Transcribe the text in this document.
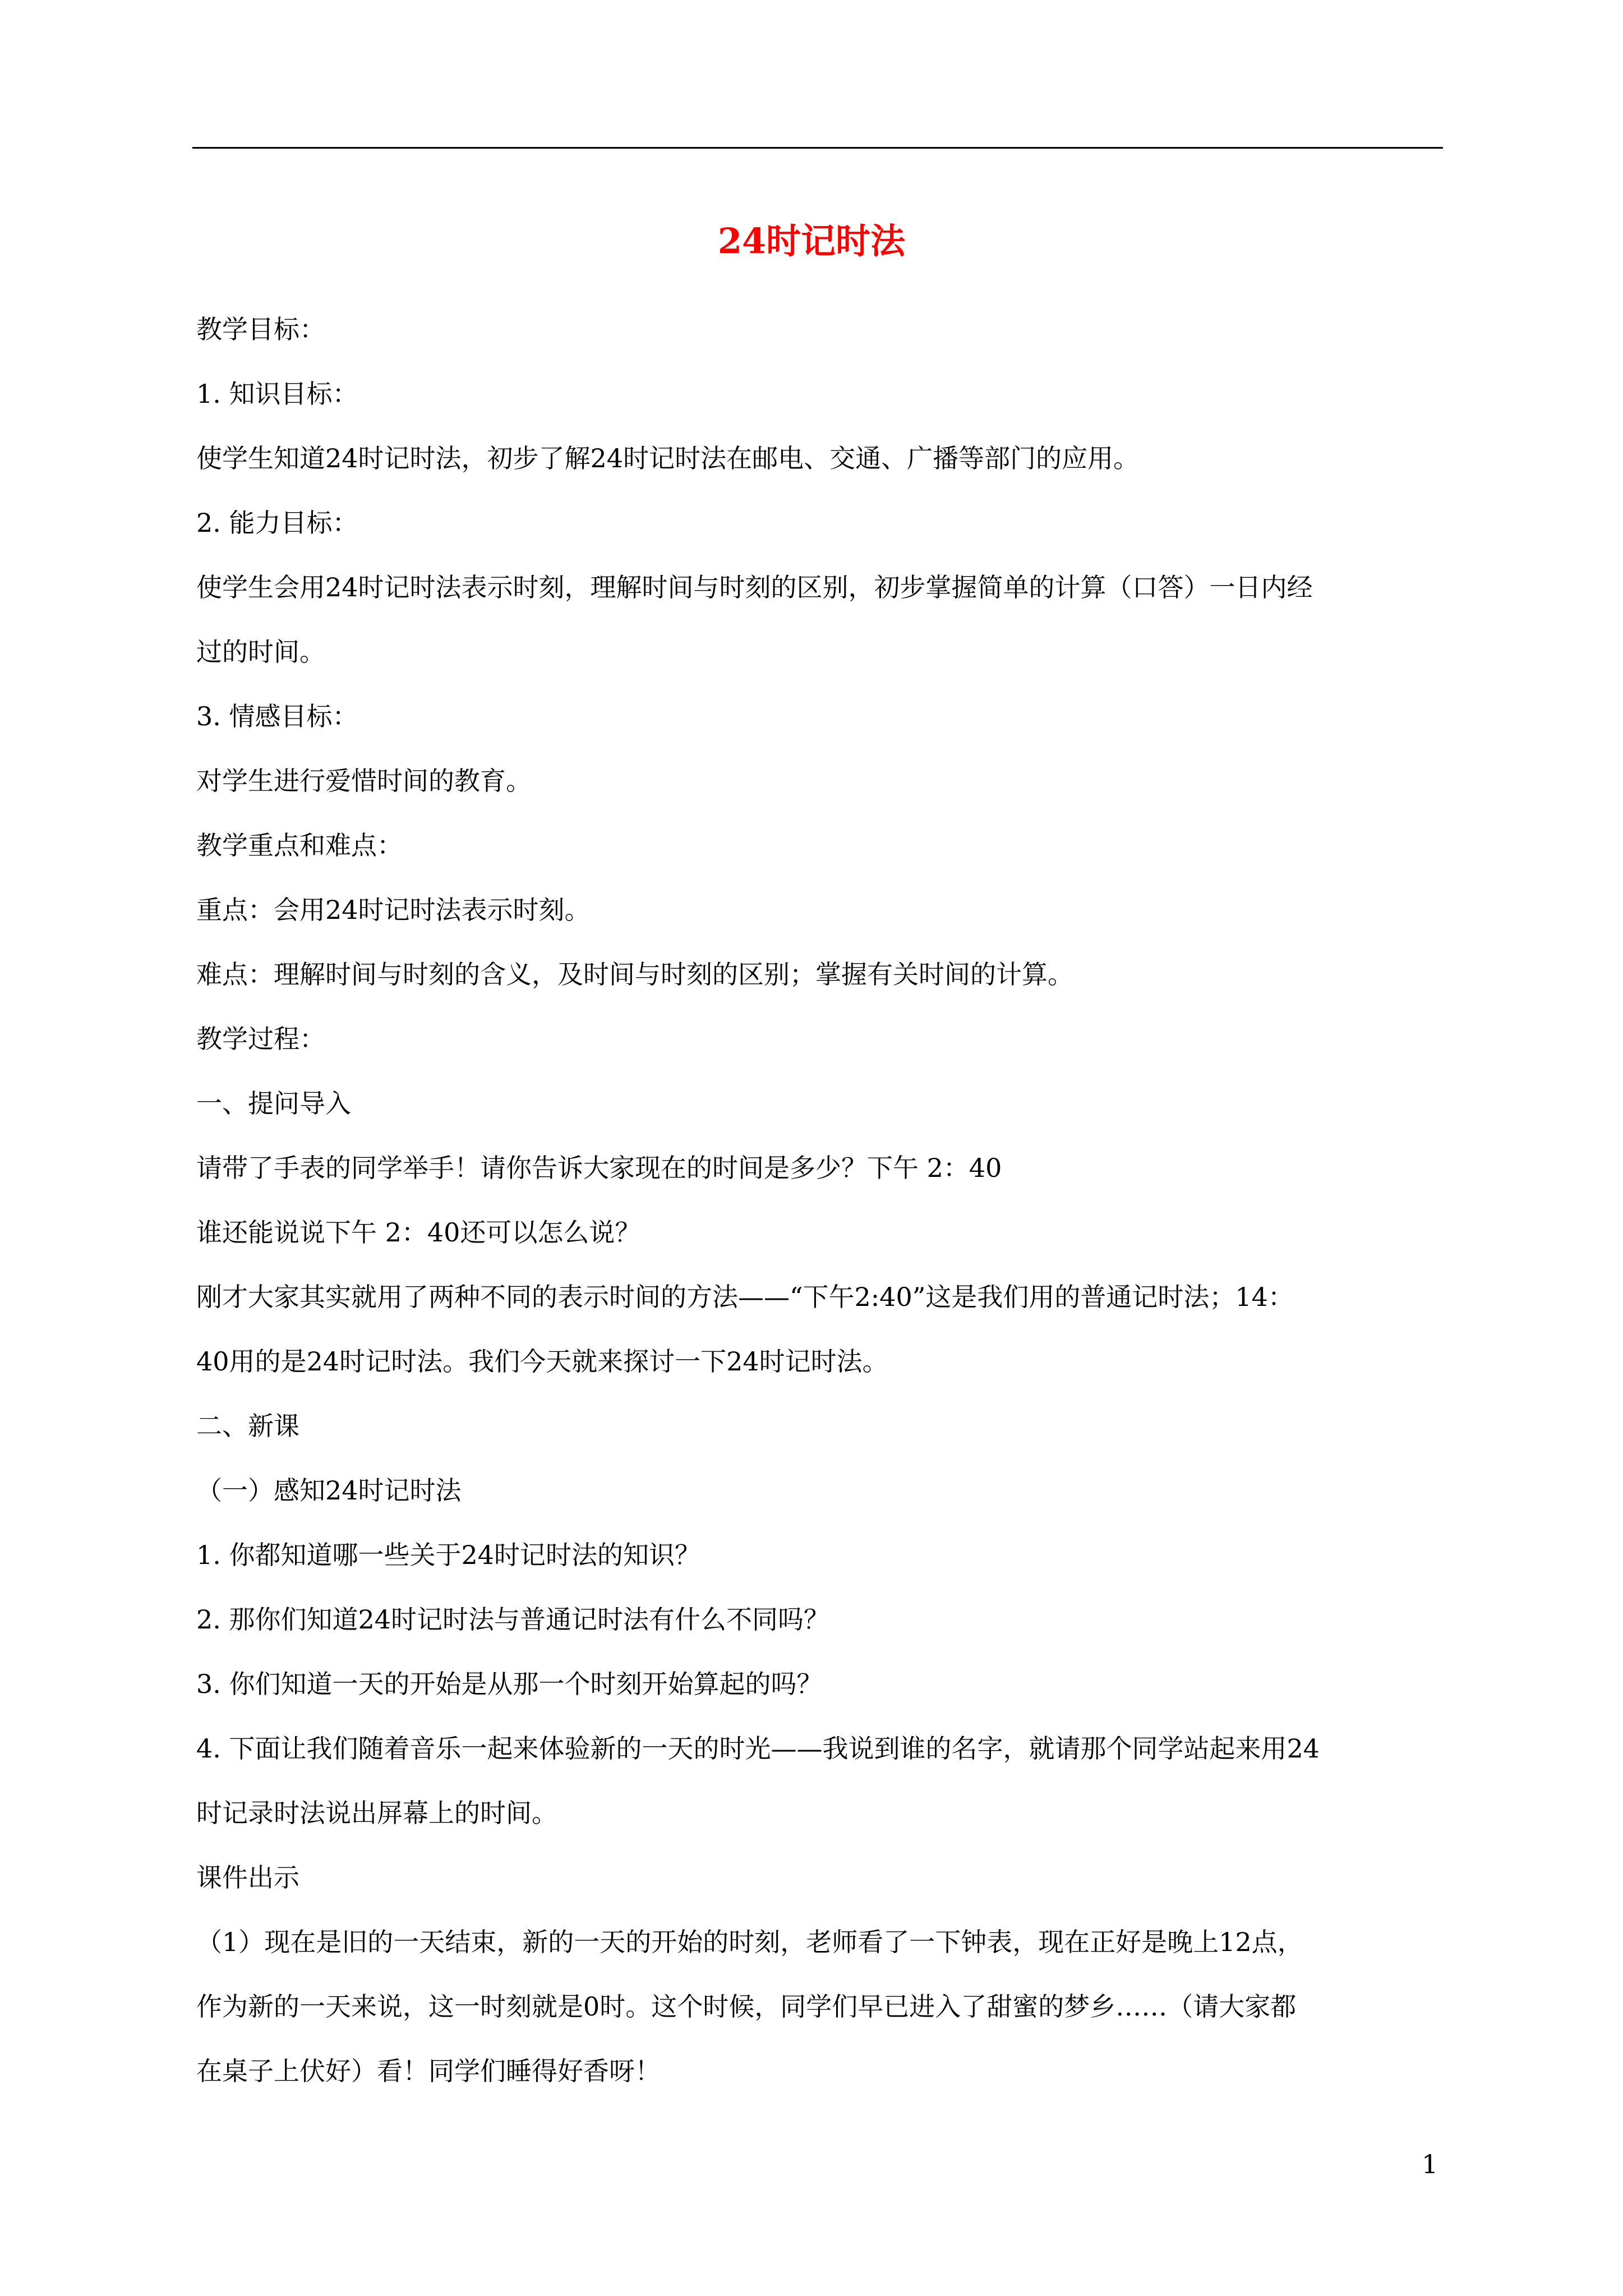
24时记时法

教学目标：

1. 知识目标：

使学生知道24时记时法，初步了解24时记时法在邮电、交通、广播等部门的应用。

2. 能力目标：

使学生会用24时记时法表示时刻，理解时间与时刻的区别，初步掌握简单的计算（口答）一日内经

过的时间。

3. 情感目标：

对学生进行爱惜时间的教育。

教学重点和难点：

重点：会用24时记时法表示时刻。

难点：理解时间与时刻的含义，及时间与时刻的区别；掌握有关时间的计算。

教学过程：

一、提问导入

请带了手表的同学举手！请你告诉大家现在的时间是多少？下午 2：40

谁还能说说下午 2：40还可以怎么说？

刚才大家其实就用了两种不同的表示时间的方法——“下午2:40”这是我们用的普通记时法；14：

40用的是24时记时法。我们今天就来探讨一下24时记时法。

二、新课

（一）感知24时记时法

1. 你都知道哪一些关于24时记时法的知识？

2. 那你们知道24时记时法与普通记时法有什么不同吗？

3. 你们知道一天的开始是从那一个时刻开始算起的吗？

4. 下面让我们随着音乐一起来体验新的一天的时光——我说到谁的名字，就请那个同学站起来用24

时记录时法说出屏幕上的时间。

课件出示

（1）现在是旧的一天结束，新的一天的开始的时刻，老师看了一下钟表，现在正好是晚上12点，

作为新的一天来说，这一时刻就是0时。这个时候，同学们早已进入了甜蜜的梦乡……（请大家都

在桌子上伏好）看！同学们睡得好香呀！

1
